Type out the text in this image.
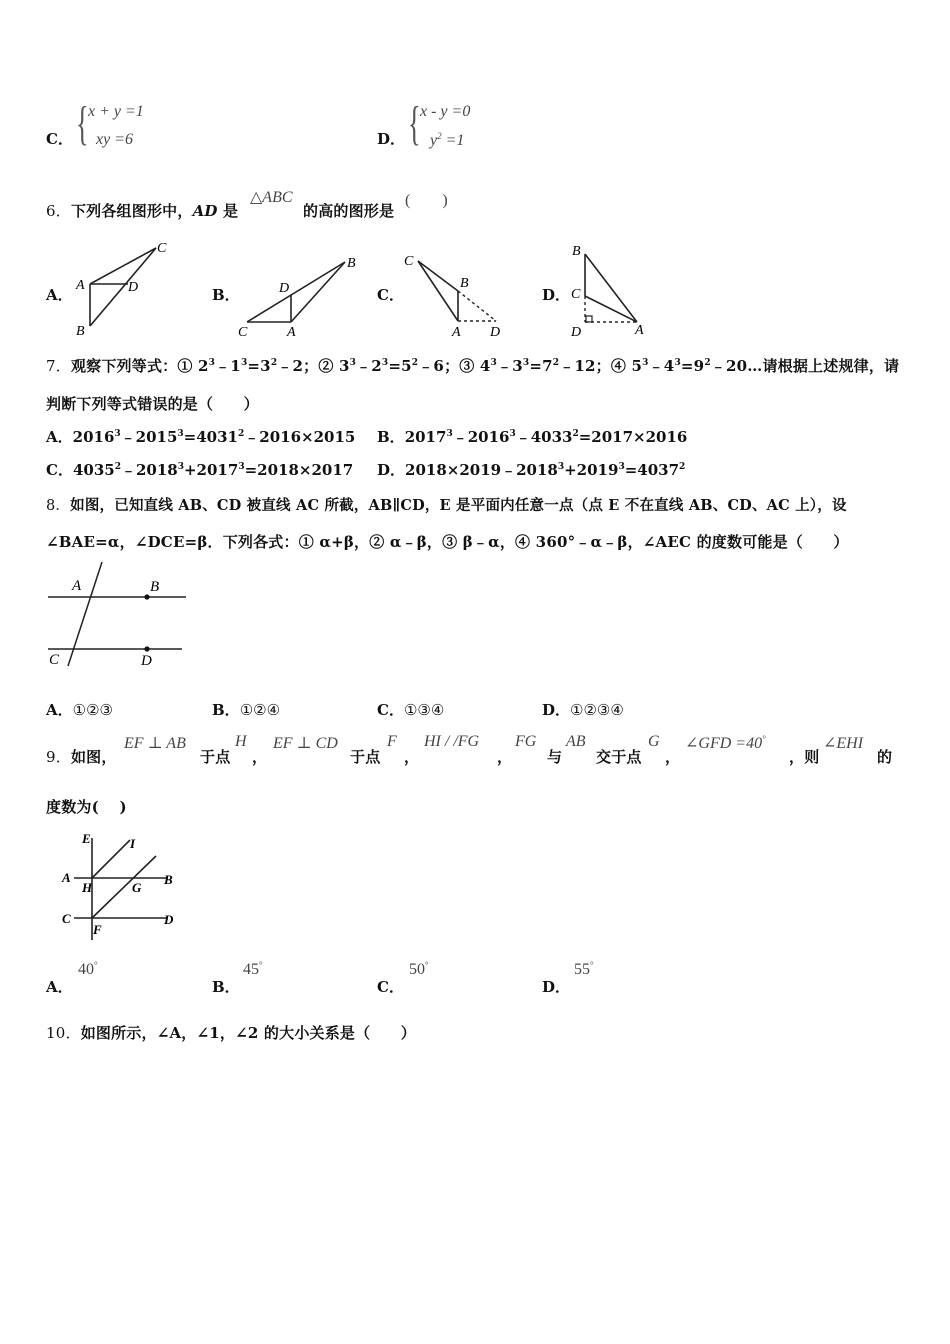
C． { x + y =1
xy =6	D． { x - y =0
$y^2 =1$
6．下列各组图形中，AD 是
△ABC
的高的图形是
(　　)
A．	B．	C．	D．
C
A	D
B
B
D
C	A
C
B
A D
B
C
D	A
7．观察下列等式：① $2^3﹣1^3=3^2﹣2$；② $3^3﹣2^3=5^2﹣6$；③ $4^3﹣3^3=7^2﹣12$；④ $5^3﹣4^3=9^2﹣20\dots$请根据上述规律，请
判断下列等式错误的是（　　）
A．$2016^3﹣2015^3=4031^2﹣2016\times 2015$ B．$2017^3﹣2016^3﹣4033^2=2017\times 2016$
C．$4035^2﹣2018^3+2017^3=2018\times 2017$ D．$2018\times 2019﹣2018^3+2019^3=4037^2$
8．如图，已知直线 AB、CD 被直线 AC 所截，AB∥CD，E 是平面内任意一点（点 E 不在直线 AB、CD、AC 上），设
∠BAE=α，∠DCE=β．下列各式：① α+β，② α﹣β，③ β﹣α，④ 360°﹣α﹣β，∠AEC 的度数可能是（　　）
A	B
C	D
A．①②③	B．①②④	C．①③④	D．①②③④
9．如图，
EF ⊥ AB
于点
H
，
EF ⊥ CD
于点
F
，
HI / /FG
，
FG
与
AB
交于点
G
，
∠GFD =40°
，则
∠EHI
的
度数为(　 )
E	I
A
H	G
B
C
F
D
A．
40°
B．
45°
C．
50°
D．
55°
10．如图所示，∠A，∠1，∠2 的大小关系是（　　）
